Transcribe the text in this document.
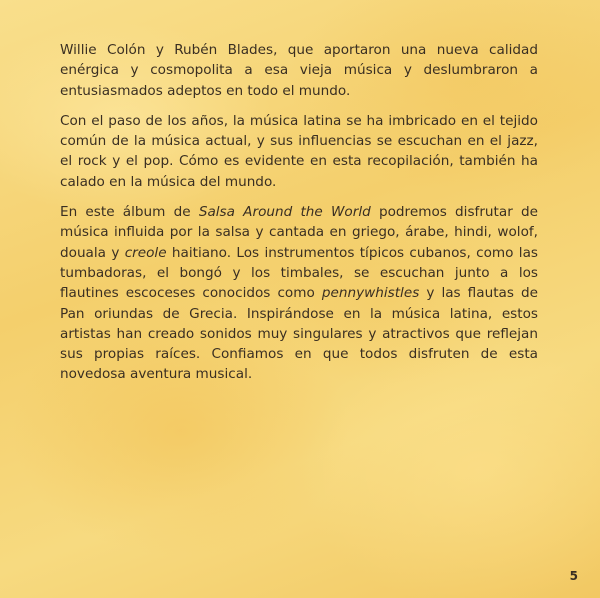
Willie Colón y Rubén Blades, que aportaron una nueva calidad enérgica y cosmopolita a esa vieja música y deslumbraron a entusiasmados adeptos en todo el mundo.

Con el paso de los años, la música latina se ha imbricado en el tejido común de la música actual, y sus influencias se escuchan en el jazz, el rock y el pop. Cómo es evidente en esta recopilación, también ha calado en la música del mundo.

En este álbum de Salsa Around the World podremos disfrutar de música influida por la salsa y cantada en griego, árabe, hindi, wolof, douala y creole haitiano. Los instrumentos típicos cubanos, como las tumbadoras, el bongó y los timbales, se escuchan junto a los flautines escoceses conocidos como pennywhistles y las flautas de Pan oriundas de Grecia. Inspirándose en la música latina, estos artistas han creado sonidos muy singulares y atractivos que reflejan sus propias raíces. Confiamos en que todos disfruten de esta novedosa aventura musical.

5
